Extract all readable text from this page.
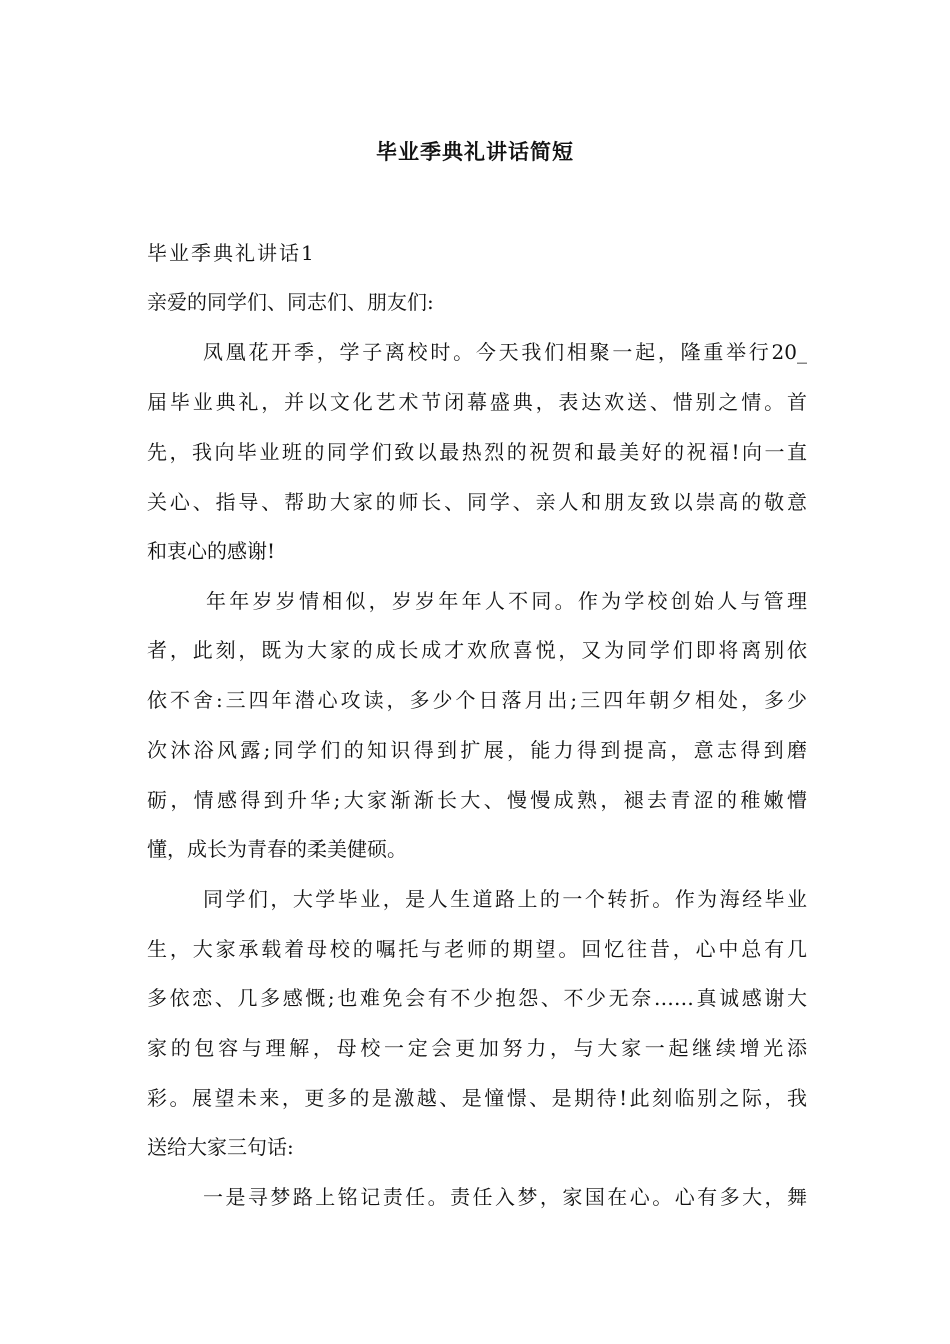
毕业季典礼讲话简短
毕业季典礼讲话1
亲爱的同学们、同志们、朋友们:
凤凰花开季，学子离校时。今天我们相聚一起，隆重举行20_
届毕业典礼，并以文化艺术节闭幕盛典，表达欢送、惜别之情。首
先，我向毕业班的同学们致以最热烈的祝贺和最美好的祝福!向一直
关心、指导、帮助大家的师长、同学、亲人和朋友致以崇高的敬意
和衷心的感谢!
年年岁岁情相似，岁岁年年人不同。作为学校创始人与管理
者，此刻，既为大家的成长成才欢欣喜悦，又为同学们即将离别依
依不舍:三四年潜心攻读，多少个日落月出;三四年朝夕相处，多少
次沐浴风露;同学们的知识得到扩展，能力得到提高，意志得到磨
砺，情感得到升华;大家渐渐长大、慢慢成熟，褪去青涩的稚嫩懵
懂，成长为青春的柔美健硕。
同学们，大学毕业，是人生道路上的一个转折。作为海经毕业
生，大家承载着母校的嘱托与老师的期望。回忆往昔，心中总有几
多依恋、几多感慨;也难免会有不少抱怨、不少无奈……真诚感谢大
家的包容与理解，母校一定会更加努力，与大家一起继续增光添
彩。展望未来，更多的是激越、是憧憬、是期待!此刻临别之际，我
送给大家三句话:
一是寻梦路上铭记责任。责任入梦，家国在心。心有多大，舞
